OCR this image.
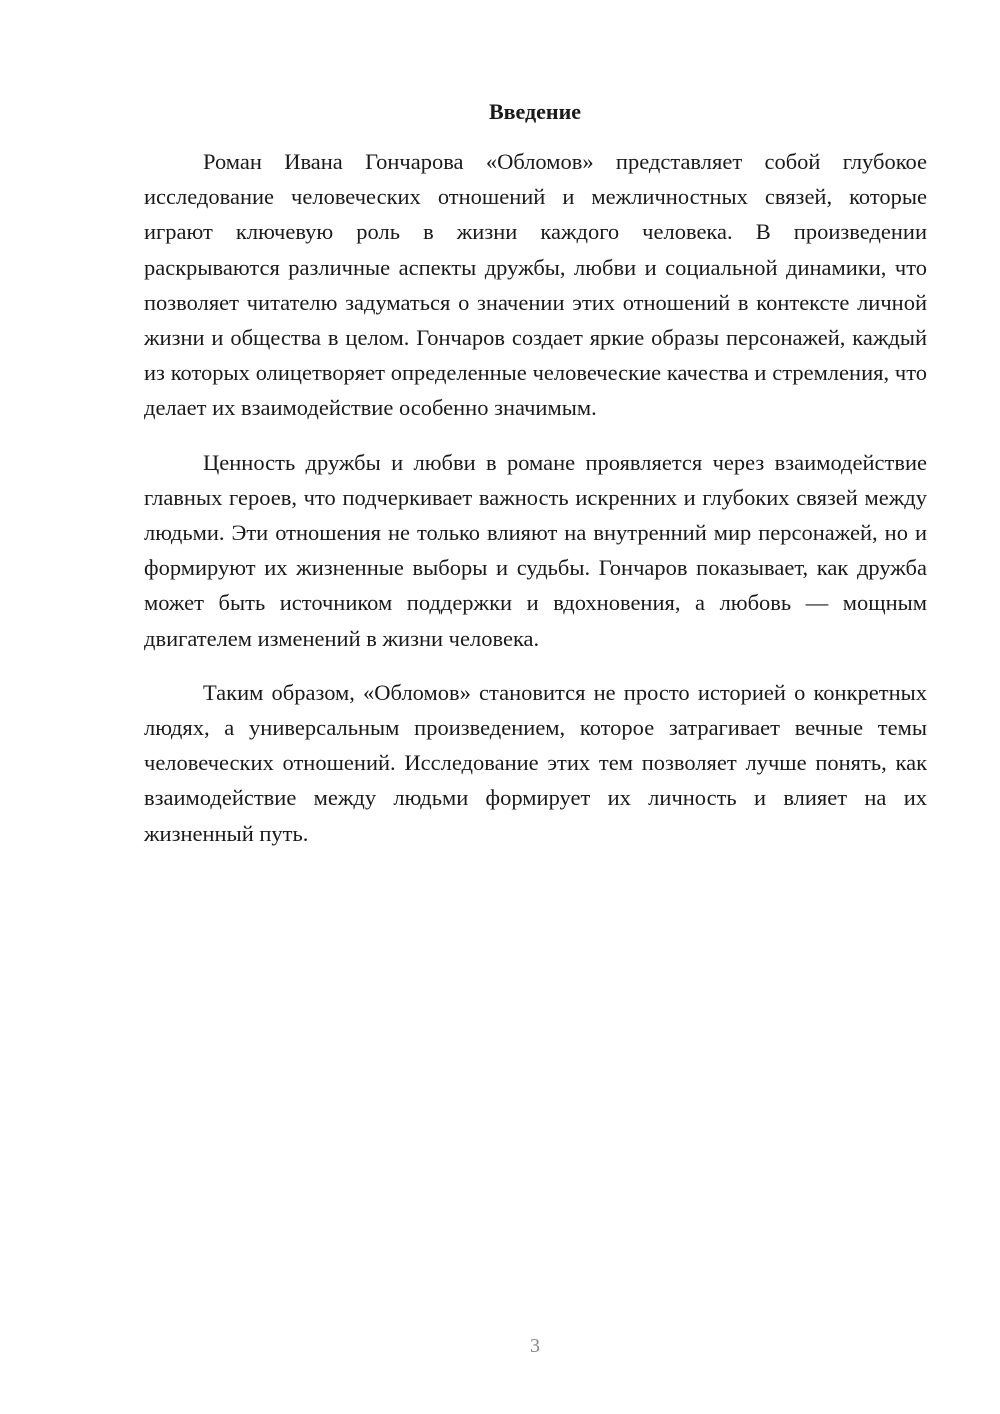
Введение

Роман Ивана Гончарова «Обломов» представляет собой глубокое исследование человеческих отношений и межличностных связей, которые играют ключевую роль в жизни каждого человека. В произведении раскрываются различные аспекты дружбы, любви и социальной динамики, что позволяет читателю задуматься о значении этих отношений в контексте личной жизни и общества в целом. Гончаров создает яркие образы персонажей, каждый из которых олицетворяет определенные человеческие качества и стремления, что делает их взаимодействие особенно значимым.

Ценность дружбы и любви в романе проявляется через взаимодействие главных героев, что подчеркивает важность искренних и глубоких связей между людьми. Эти отношения не только влияют на внутренний мир персонажей, но и формируют их жизненные выборы и судьбы. Гончаров показывает, как дружба может быть источником поддержки и вдохновения, а любовь — мощным двигателем изменений в жизни человека.

Таким образом, «Обломов» становится не просто историей о конкретных людях, а универсальным произведением, которое затрагивает вечные темы человеческих отношений. Исследование этих тем позволяет лучше понять, как взаимодействие между людьми формирует их личность и влияет на их жизненный путь.

3
